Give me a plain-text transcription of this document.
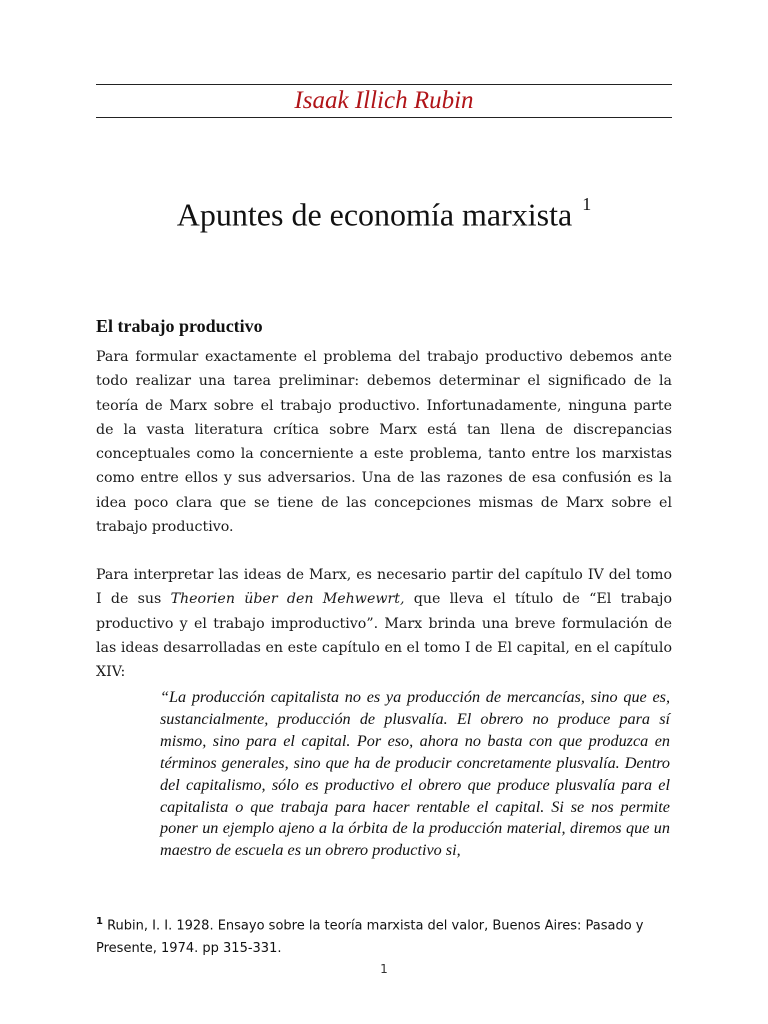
Isaak Illich Rubin
Apuntes de economía marxista $^1$
El trabajo productivo
Para formular exactamente el problema del trabajo productivo debemos ante todo realizar una tarea preliminar: debemos determinar el significado de la teoría de Marx sobre el trabajo productivo. Infortunadamente, ninguna parte de la vasta literatura crítica sobre Marx está tan llena de discrepancias conceptuales como la concerniente a este problema, tanto entre los marxistas como entre ellos y sus adversarios. Una de las razones de esa confusión es la idea poco clara que se tiene de las concepciones mismas de Marx sobre el trabajo productivo.
Para interpretar las ideas de Marx, es necesario partir del capítulo IV del tomo I de sus Theorien über den Mehwewrt, que lleva el título de “El trabajo productivo y el trabajo improductivo”. Marx brinda una breve formulación de las ideas desarrolladas en este capítulo en el tomo I de El capital, en el capítulo XIV:
“La producción capitalista no es ya producción de mercancías, sino que es, sustancialmente, producción de plusvalía. El obrero no produce para sí mismo, sino para el capital. Por eso, ahora no basta con que produzca en términos generales, sino que ha de producir concretamente plusvalía. Dentro del capitalismo, sólo es productivo el obrero que produce plusvalía para el capitalista o que trabaja para hacer rentable el capital. Si se nos permite poner un ejemplo ajeno a la órbita de la producción material, diremos que un maestro de escuela es un obrero productivo si,
$^1$ Rubin, I. I. 1928. Ensayo sobre la teoría marxista del valor, Buenos Aires: Pasado y Presente, 1974. pp 315-331.
1
